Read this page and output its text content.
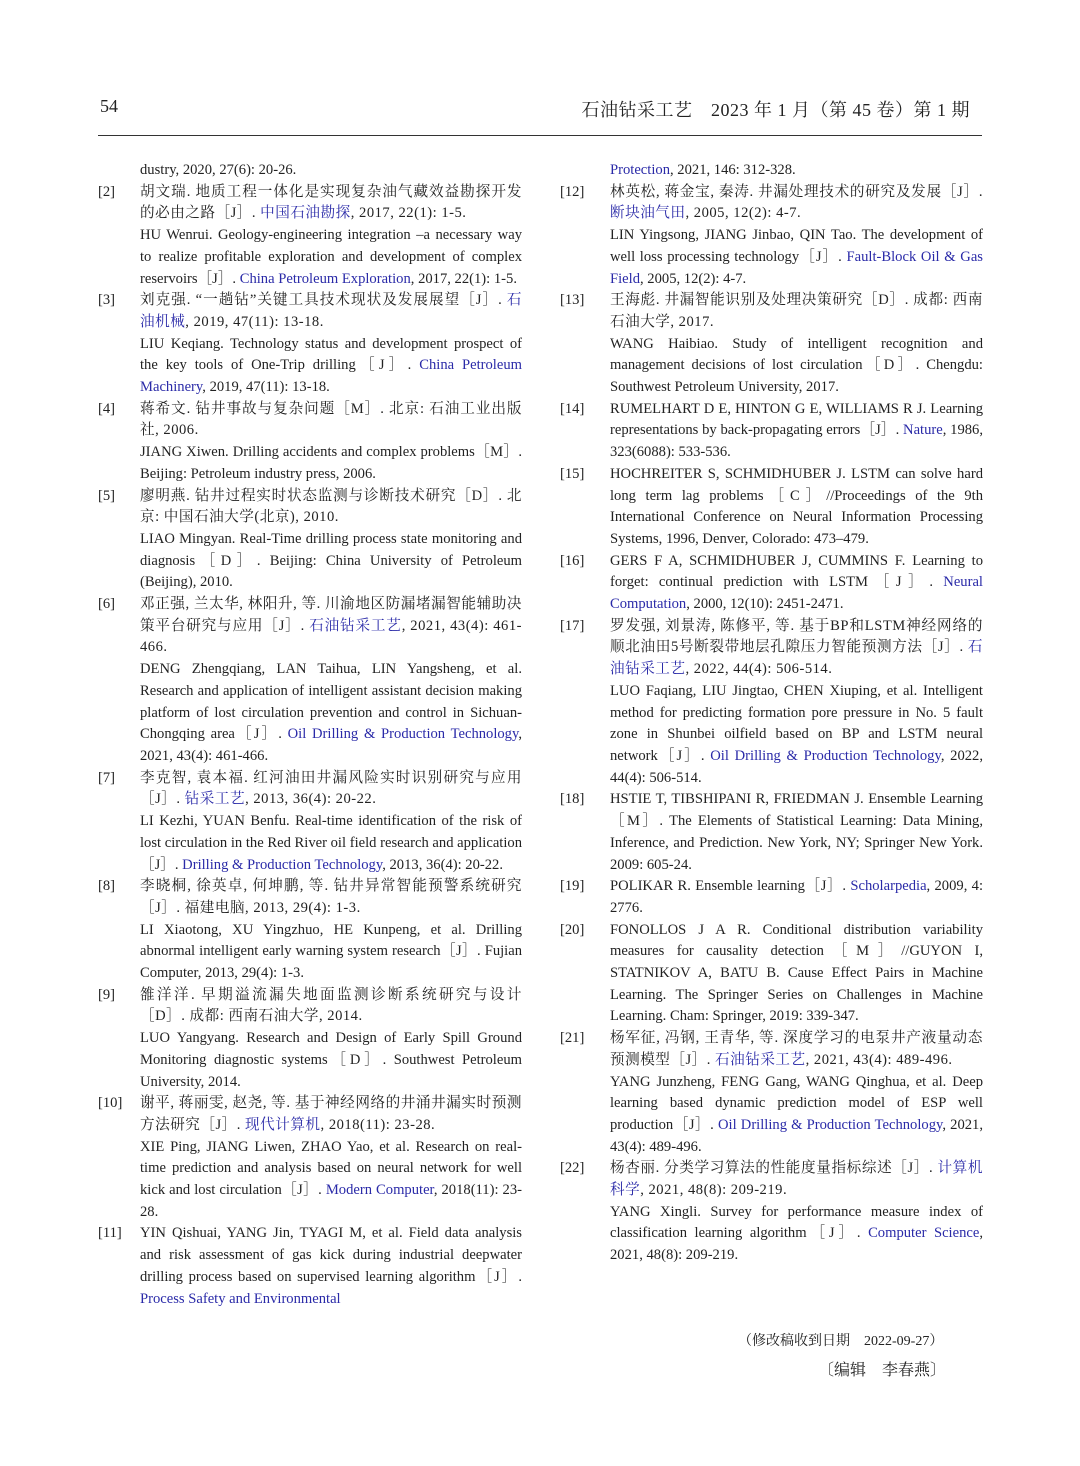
54	石油钻采工艺　2023 年 1 月（第 45 卷）第 1 期

dustry, 2020, 27(6): 20-26.

[2]	胡文瑞. 地质工程一体化是实现复杂油气藏效益勘探开发的必由之路［J］. 中国石油勘探, 2017, 22(1): 1-5.

HU Wenrui. Geology-engineering integration –a necessary way to realize profitable exploration and development of complex reservoirs［J］. China Petroleum Exploration, 2017, 22(1): 1-5.

[3]	刘克强. “一趟钻”关键工具技术现状及发展展望［J］. 石油机械, 2019, 47(11): 13-18.

LIU Keqiang. Technology status and development prospect of the key tools of One-Trip drilling［J］. China Petroleum Machinery, 2019, 47(11): 13-18.

[4]	蒋希文. 钻井事故与复杂问题［M］. 北京: 石油工业出版社, 2006.

JIANG Xiwen. Drilling accidents and complex problems［M］. Beijing: Petroleum industry press, 2006.

[5]	廖明燕. 钻井过程实时状态监测与诊断技术研究［D］. 北京: 中国石油大学(北京), 2010.

LIAO Mingyan. Real-Time drilling process state monitoring and diagnosis［D］. Beijing: China University of Petroleum (Beijing), 2010.

[6]	邓正强, 兰太华, 林阳升, 等. 川渝地区防漏堵漏智能辅助决策平台研究与应用［J］. 石油钻采工艺, 2021, 43(4): 461-466.

DENG Zhengqiang, LAN Taihua, LIN Yangsheng, et al. Research and application of intelligent assistant decision making platform of lost circulation prevention and control in Sichuan-Chongqing area［J］. Oil Drilling & Production Technology, 2021, 43(4): 461-466.

[7]	李克智, 袁本福. 红河油田井漏风险实时识别研究与应用［J］. 钻采工艺, 2013, 36(4): 20-22.

LI Kezhi, YUAN Benfu. Real-time identification of the risk of lost circulation in the Red River oil field research and application［J］. Drilling & Production Technology, 2013, 36(4): 20-22.

[8]	李晓桐, 徐英卓, 何坤鹏, 等. 钻井异常智能预警系统研究［J］. 福建电脑, 2013, 29(4): 1-3.

LI Xiaotong, XU Yingzhuo, HE Kunpeng, et al. Drilling abnormal intelligent early warning system research［J］. Fujian Computer, 2013, 29(4): 1-3.

[9]	雒洋洋. 早期溢流漏失地面监测诊断系统研究与设计［D］. 成都: 西南石油大学, 2014.

LUO Yangyang. Research and Design of Early Spill Ground Monitoring diagnostic systems［D］. Southwest Petroleum University, 2014.

[10]	谢平, 蒋丽雯, 赵尧, 等. 基于神经网络的井涌井漏实时预测方法研究［J］. 现代计算机, 2018(11): 23-28.

XIE Ping, JIANG Liwen, ZHAO Yao, et al. Research on real-time prediction and analysis based on neural network for well kick and lost circulation［J］. Modern Computer, 2018(11): 23-28.

[11]	YIN Qishuai, YANG Jin, TYAGI M, et al. Field data analysis and risk assessment of gas kick during industrial deepwater drilling process based on supervised learning algorithm［J］. Process Safety and Environmental

Protection, 2021, 146: 312-328.

[12]	林英松, 蒋金宝, 秦涛. 井漏处理技术的研究及发展［J］. 断块油气田, 2005, 12(2): 4-7.

LIN Yingsong, JIANG Jinbao, QIN Tao. The development of well loss processing technology［J］. Fault-Block Oil & Gas Field, 2005, 12(2): 4-7.

[13]	王海彪. 井漏智能识别及处理决策研究［D］. 成都: 西南石油大学, 2017.

WANG Haibiao. Study of intelligent recognition and management decisions of lost circulation［D］. Chengdu: Southwest Petroleum University, 2017.

[14]	RUMELHART D E, HINTON G E, WILLIAMS R J. Learning representations by back-propagating errors［J］. Nature, 1986, 323(6088): 533-536.

[15]	HOCHREITER S, SCHMIDHUBER J. LSTM can solve hard long term lag problems［C］//Proceedings of the 9th International Conference on Neural Information Processing Systems, 1996, Denver, Colorado: 473–479.

[16]	GERS F A, SCHMIDHUBER J, CUMMINS F. Learning to forget: continual prediction with LSTM［J］. Neural Computation, 2000, 12(10): 2451-2471.

[17]	罗发强, 刘景涛, 陈修平, 等. 基于BP和LSTM神经网络的顺北油田5号断裂带地层孔隙压力智能预测方法［J］. 石油钻采工艺, 2022, 44(4): 506-514.

LUO Faqiang, LIU Jingtao, CHEN Xiuping, et al. Intelligent method for predicting formation pore pressure in No. 5 fault zone in Shunbei oilfield based on BP and LSTM neural network［J］. Oil Drilling & Production Technology, 2022, 44(4): 506-514.

[18]	HSTIE T, TIBSHIPANI R, FRIEDMAN J. Ensemble Learning［M］. The Elements of Statistical Learning: Data Mining, Inference, and Prediction. New York, NY; Springer New York. 2009: 605-24.

[19]	POLIKAR R. Ensemble learning［J］. Scholarpedia, 2009, 4: 2776.

[20]	FONOLLOS J A R. Conditional distribution variability measures for causality detection［M］//GUYON I, STATNIKOV A, BATU B. Cause Effect Pairs in Machine Learning. The Springer Series on Challenges in Machine Learning. Cham: Springer, 2019: 339-347.

[21]	杨军征, 冯钢, 王青华, 等. 深度学习的电泵井产液量动态预测模型［J］. 石油钻采工艺, 2021, 43(4): 489-496.

YANG Junzheng, FENG Gang, WANG Qinghua, et al. Deep learning based dynamic prediction model of ESP well production［J］. Oil Drilling & Production Technology, 2021, 43(4): 489-496.

[22]	杨杏丽. 分类学习算法的性能度量指标综述［J］. 计算机科学, 2021, 48(8): 209-219.

YANG Xingli. Survey for performance measure index of classification learning algorithm［J］. Computer Science, 2021, 48(8): 209-219.

（修改稿收到日期　2022-09-27）
〔编辑　李春燕〕
